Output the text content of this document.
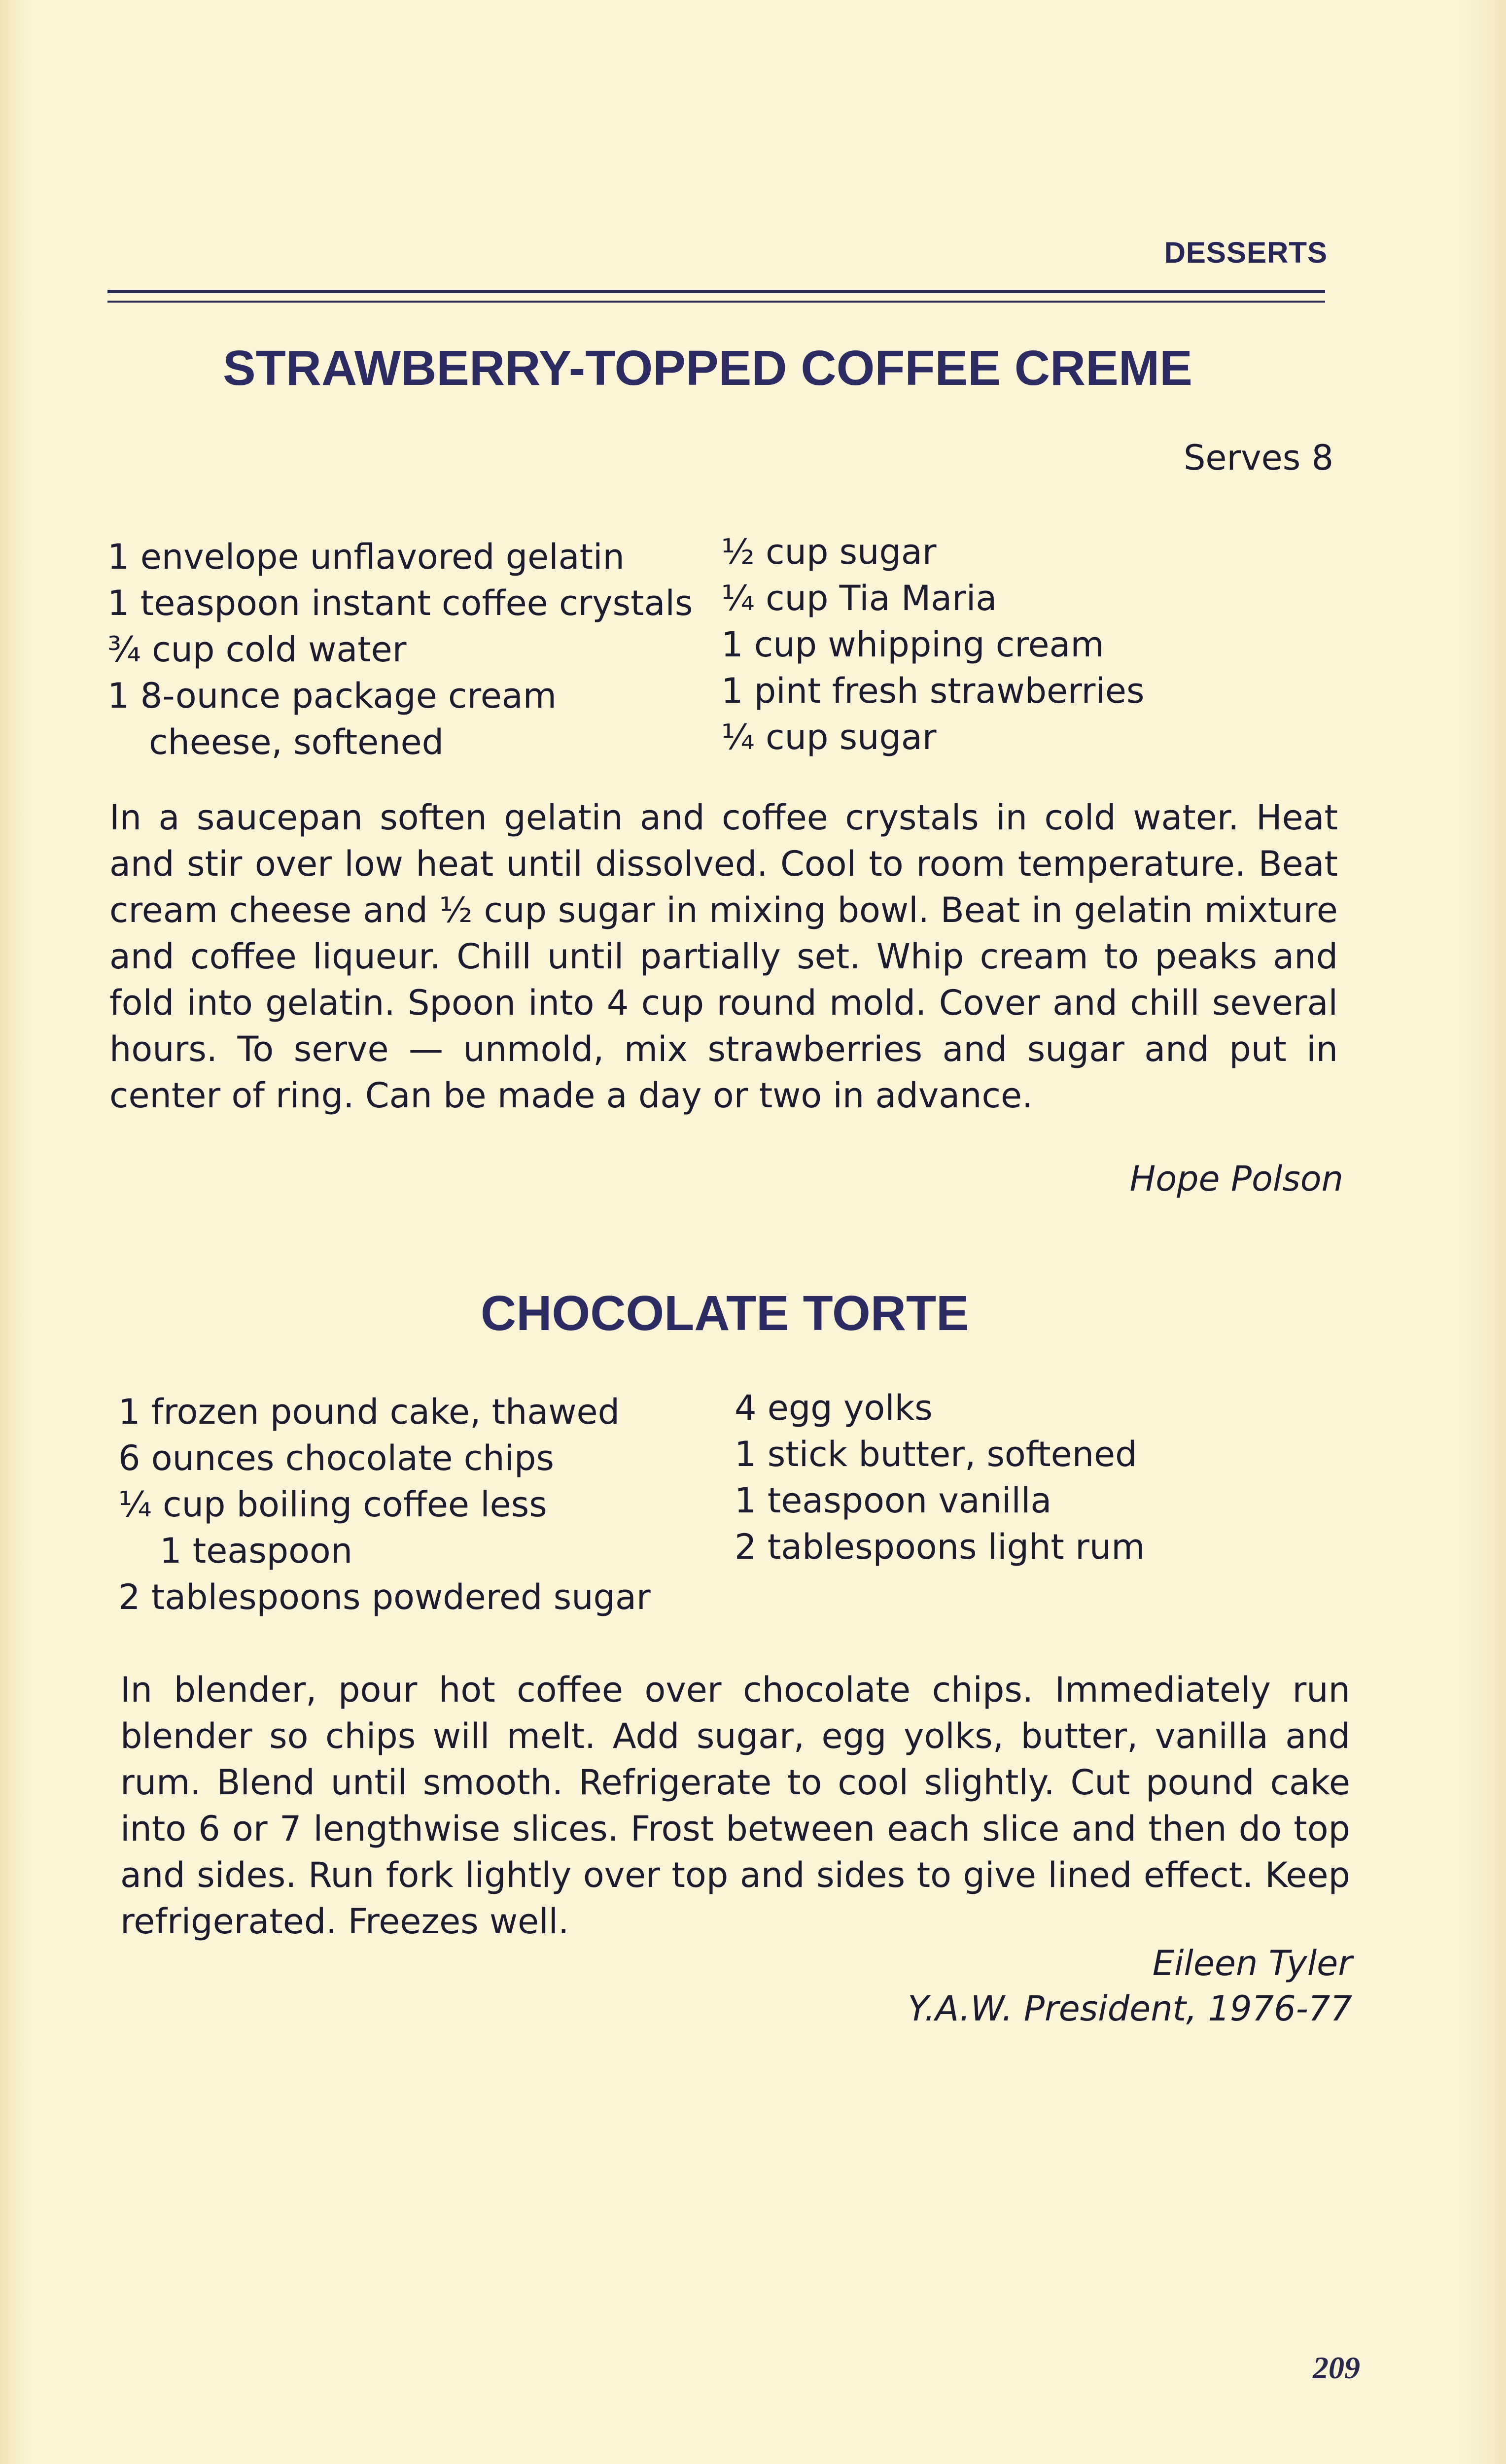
DESSERTS
STRAWBERRY-TOPPED COFFEE CREME
Serves 8
1 envelope unflavored gelatin
1 teaspoon instant coffee crystals
¾ cup cold water
1 8-ounce package cream
cheese, softened
½ cup sugar
¼ cup Tia Maria
1 cup whipping cream
1 pint fresh strawberries
¼ cup sugar

In a saucepan soften gelatin and coffee crystals in cold water. Heat and stir over low heat until dissolved. Cool to room temperature. Beat cream cheese and ½ cup sugar in mixing bowl. Beat in gelatin mixture and coffee liqueur. Chill until partially set. Whip cream to peaks and fold into gelatin. Spoon into 4 cup round mold. Cover and chill several hours. To serve — unmold, mix strawberries and sugar and put in center of ring. Can be made a day or two in advance.

Hope Polson
CHOCOLATE TORTE
1 frozen pound cake, thawed
6 ounces chocolate chips
¼ cup boiling coffee less
1 teaspoon
2 tablespoons powdered sugar
4 egg yolks
1 stick butter, softened
1 teaspoon vanilla
2 tablespoons light rum

In blender, pour hot coffee over chocolate chips. Immediately run blender so chips will melt. Add sugar, egg yolks, butter, vanilla and rum. Blend until smooth. Refrigerate to cool slightly. Cut pound cake into 6 or 7 lengthwise slices. Frost between each slice and then do top and sides. Run fork lightly over top and sides to give lined effect. Keep refrigerated. Freezes well.

Eileen Tyler
Y.A.W. President, 1976-77
209
